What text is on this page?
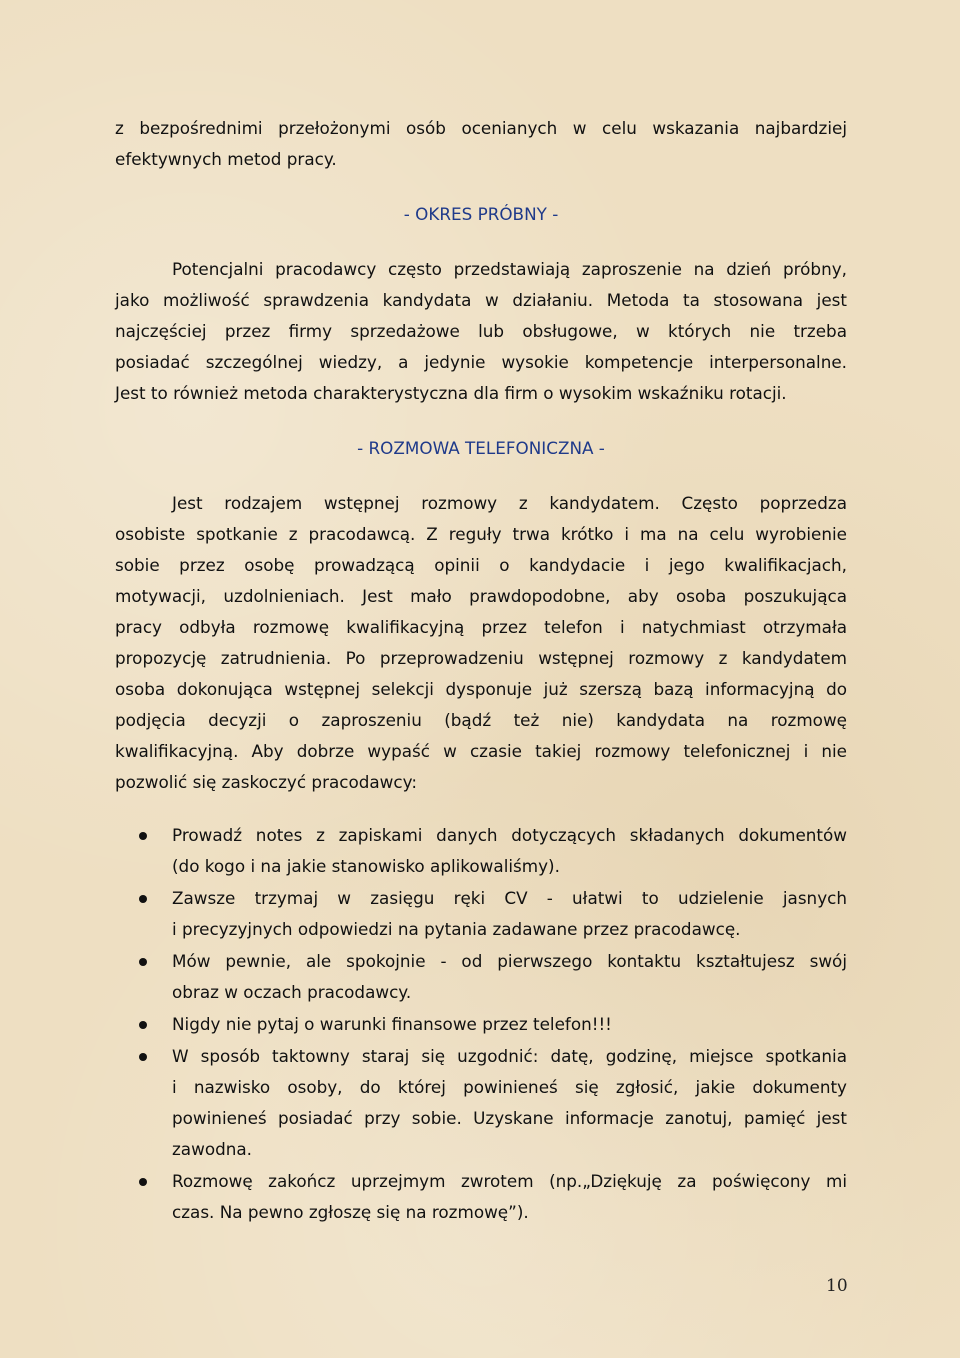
z bezpośrednimi przełożonymi osób ocenianych w celu wskazania najbardziej
efektywnych metod pracy.
- OKRES PRÓBNY -
Potencjalni pracodawcy często przedstawiają zaproszenie na dzień próbny,
jako możliwość sprawdzenia kandydata w działaniu. Metoda ta stosowana jest
najczęściej przez firmy sprzedażowe lub obsługowe, w których nie trzeba
posiadać szczególnej wiedzy, a jedynie wysokie kompetencje interpersonalne.
Jest to również metoda charakterystyczna dla firm o wysokim wskaźniku rotacji.
- ROZMOWA TELEFONICZNA -
Jest rodzajem wstępnej rozmowy z kandydatem. Często poprzedza
osobiste spotkanie z pracodawcą. Z reguły trwa krótko i ma na celu wyrobienie
sobie przez osobę prowadzącą opinii o kandydacie i jego kwalifikacjach,
motywacji, uzdolnieniach. Jest mało prawdopodobne, aby osoba poszukująca
pracy odbyła rozmowę kwalifikacyjną przez telefon i natychmiast otrzymała
propozycję zatrudnienia. Po przeprowadzeniu wstępnej rozmowy z kandydatem
osoba dokonująca wstępnej selekcji dysponuje już szerszą bazą informacyjną do
podjęcia decyzji o zaproszeniu (bądź też nie) kandydata na rozmowę
kwalifikacyjną. Aby dobrze wypaść w czasie takiej rozmowy telefonicznej i nie
pozwolić się zaskoczyć pracodawcy:
Prowadź notes z zapiskami danych dotyczących składanych dokumentów
(do kogo i na jakie stanowisko aplikowaliśmy).
Zawsze trzymaj w zasięgu ręki CV - ułatwi to udzielenie jasnych
i precyzyjnych odpowiedzi na pytania zadawane przez pracodawcę.
Mów pewnie, ale spokojnie - od pierwszego kontaktu kształtujesz swój
obraz w oczach pracodawcy.
Nigdy nie pytaj o warunki finansowe przez telefon!!!
W sposób taktowny staraj się uzgodnić: datę, godzinę, miejsce spotkania
i nazwisko osoby, do której powinieneś się zgłosić, jakie dokumenty
powinieneś posiadać przy sobie. Uzyskane informacje zanotuj, pamięć jest
zawodna.
Rozmowę zakończ uprzejmym zwrotem (np.„Dziękuję za poświęcony mi
czas. Na pewno zgłoszę się na rozmowę”).
10
